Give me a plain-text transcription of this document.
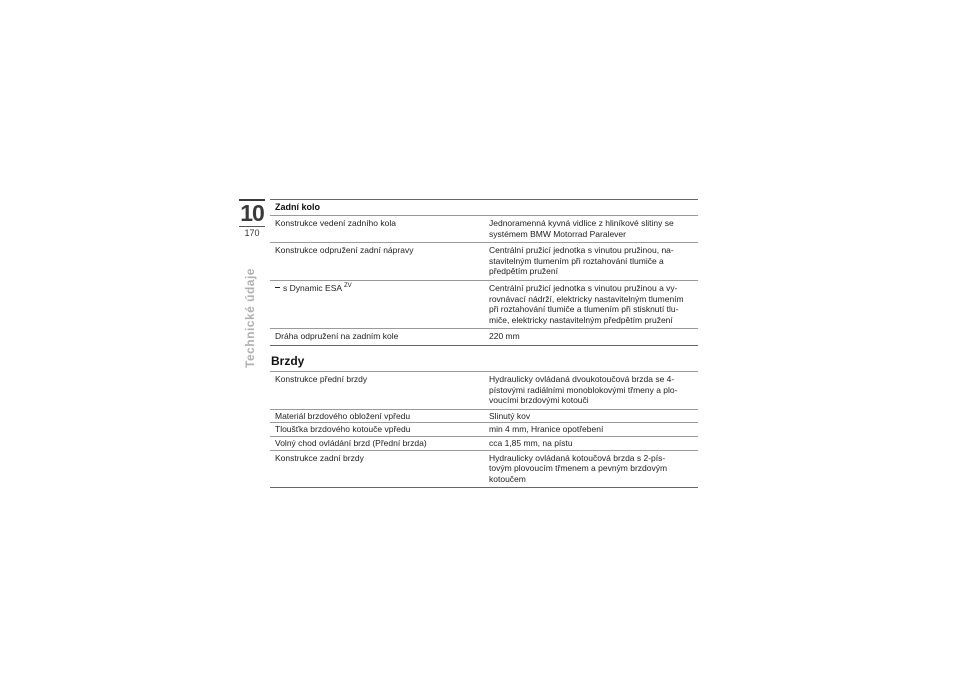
10
170
Technické údaje
Zadní kolo
Konstrukce vedení zadního kola	Jednoramenná kyvná vidlice z hliníkové slitiny se
systémem BMW Motorrad Paralever

Konstrukce odpružení zadní nápravy	Centrální pružicí jednotka s vinutou pružinou, na-
stavitelným tlumením při roztahování tlumiče a
předpětím pružení

s Dynamic ESA $^{ZV}$	Centrální pružicí jednotka s vinutou pružinou a vy-
rovnávací nádrží, elektricky nastavitelným tlumením
při roztahování tlumiče a tlumením při stisknutí tlu-
miče, elektricky nastavitelným předpětím pružení

Dráha odpružení na zadním kole	220 mm
Brzdy
Konstrukce přední brzdy	Hydraulicky ovládaná dvoukotoučová brzda se 4-
pístovými radiálními monoblokovými třmeny a plo-
voucími brzdovými kotouči

Materiál brzdového obložení vpředu	Slinutý kov

Tloušťka brzdového kotouče vpředu	min 4 mm, Hranice opotřebení

Volný chod ovládání brzd (Přední brzda)	cca 1,85 mm, na pístu

Konstrukce zadní brzdy	Hydraulicky ovládaná kotoučová brzda s 2-pís-
tovým plovoucím třmenem a pevným brzdovým
kotoučem
